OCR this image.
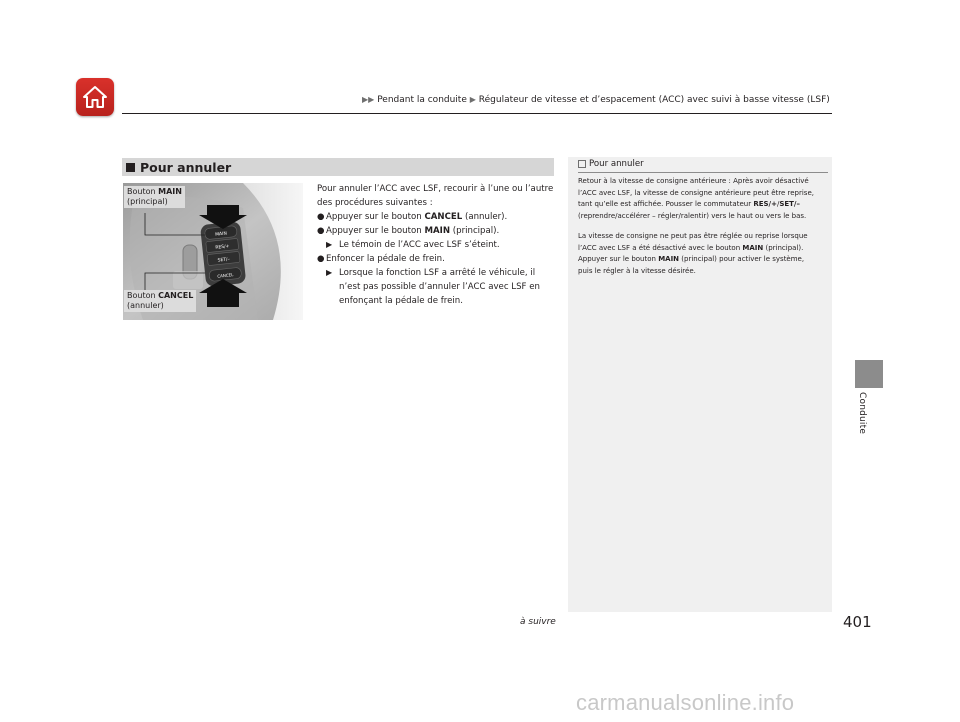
▶▶ Pendant la conduite ▶ Régulateur de vitesse et d’espacement (ACC) avec suivi à basse vitesse (LSF)
Conduite
Pour annuler
MAIN
RES/+
SET/–
CANCEL
Bouton MAIN
(principal)
Bouton CANCEL
(annuler)

Pour annuler l’ACC avec LSF, recourir à l’une ou l’autre des procédures suivantes :

● Appuyer sur le bouton CANCEL (annuler).
● Appuyer sur le bouton MAIN (principal).
▶ Le témoin de l’ACC avec LSF s’éteint.
● Enfoncer la pédale de frein.
▶ Lorsque la fonction LSF a arrêté le véhicule, il n’est pas possible d’annuler l’ACC avec LSF en enfonçant la pédale de frein.
Pour annuler

Retour à la vitesse de consigne antérieure : Après avoir désactivé l’ACC avec LSF, la vitesse de consigne antérieure peut être reprise, tant qu’elle est affichée. Pousser le commutateur RES/+/SET/– (reprendre/accélérer – régler/ralentir) vers le haut ou vers le bas.

La vitesse de consigne ne peut pas être réglée ou reprise lorsque l’ACC avec LSF a été désactivé avec le bouton MAIN (principal). Appuyer sur le bouton MAIN (principal) pour activer le système, puis le régler à la vitesse désirée.

à suivre	401
carmanualsonline.info
